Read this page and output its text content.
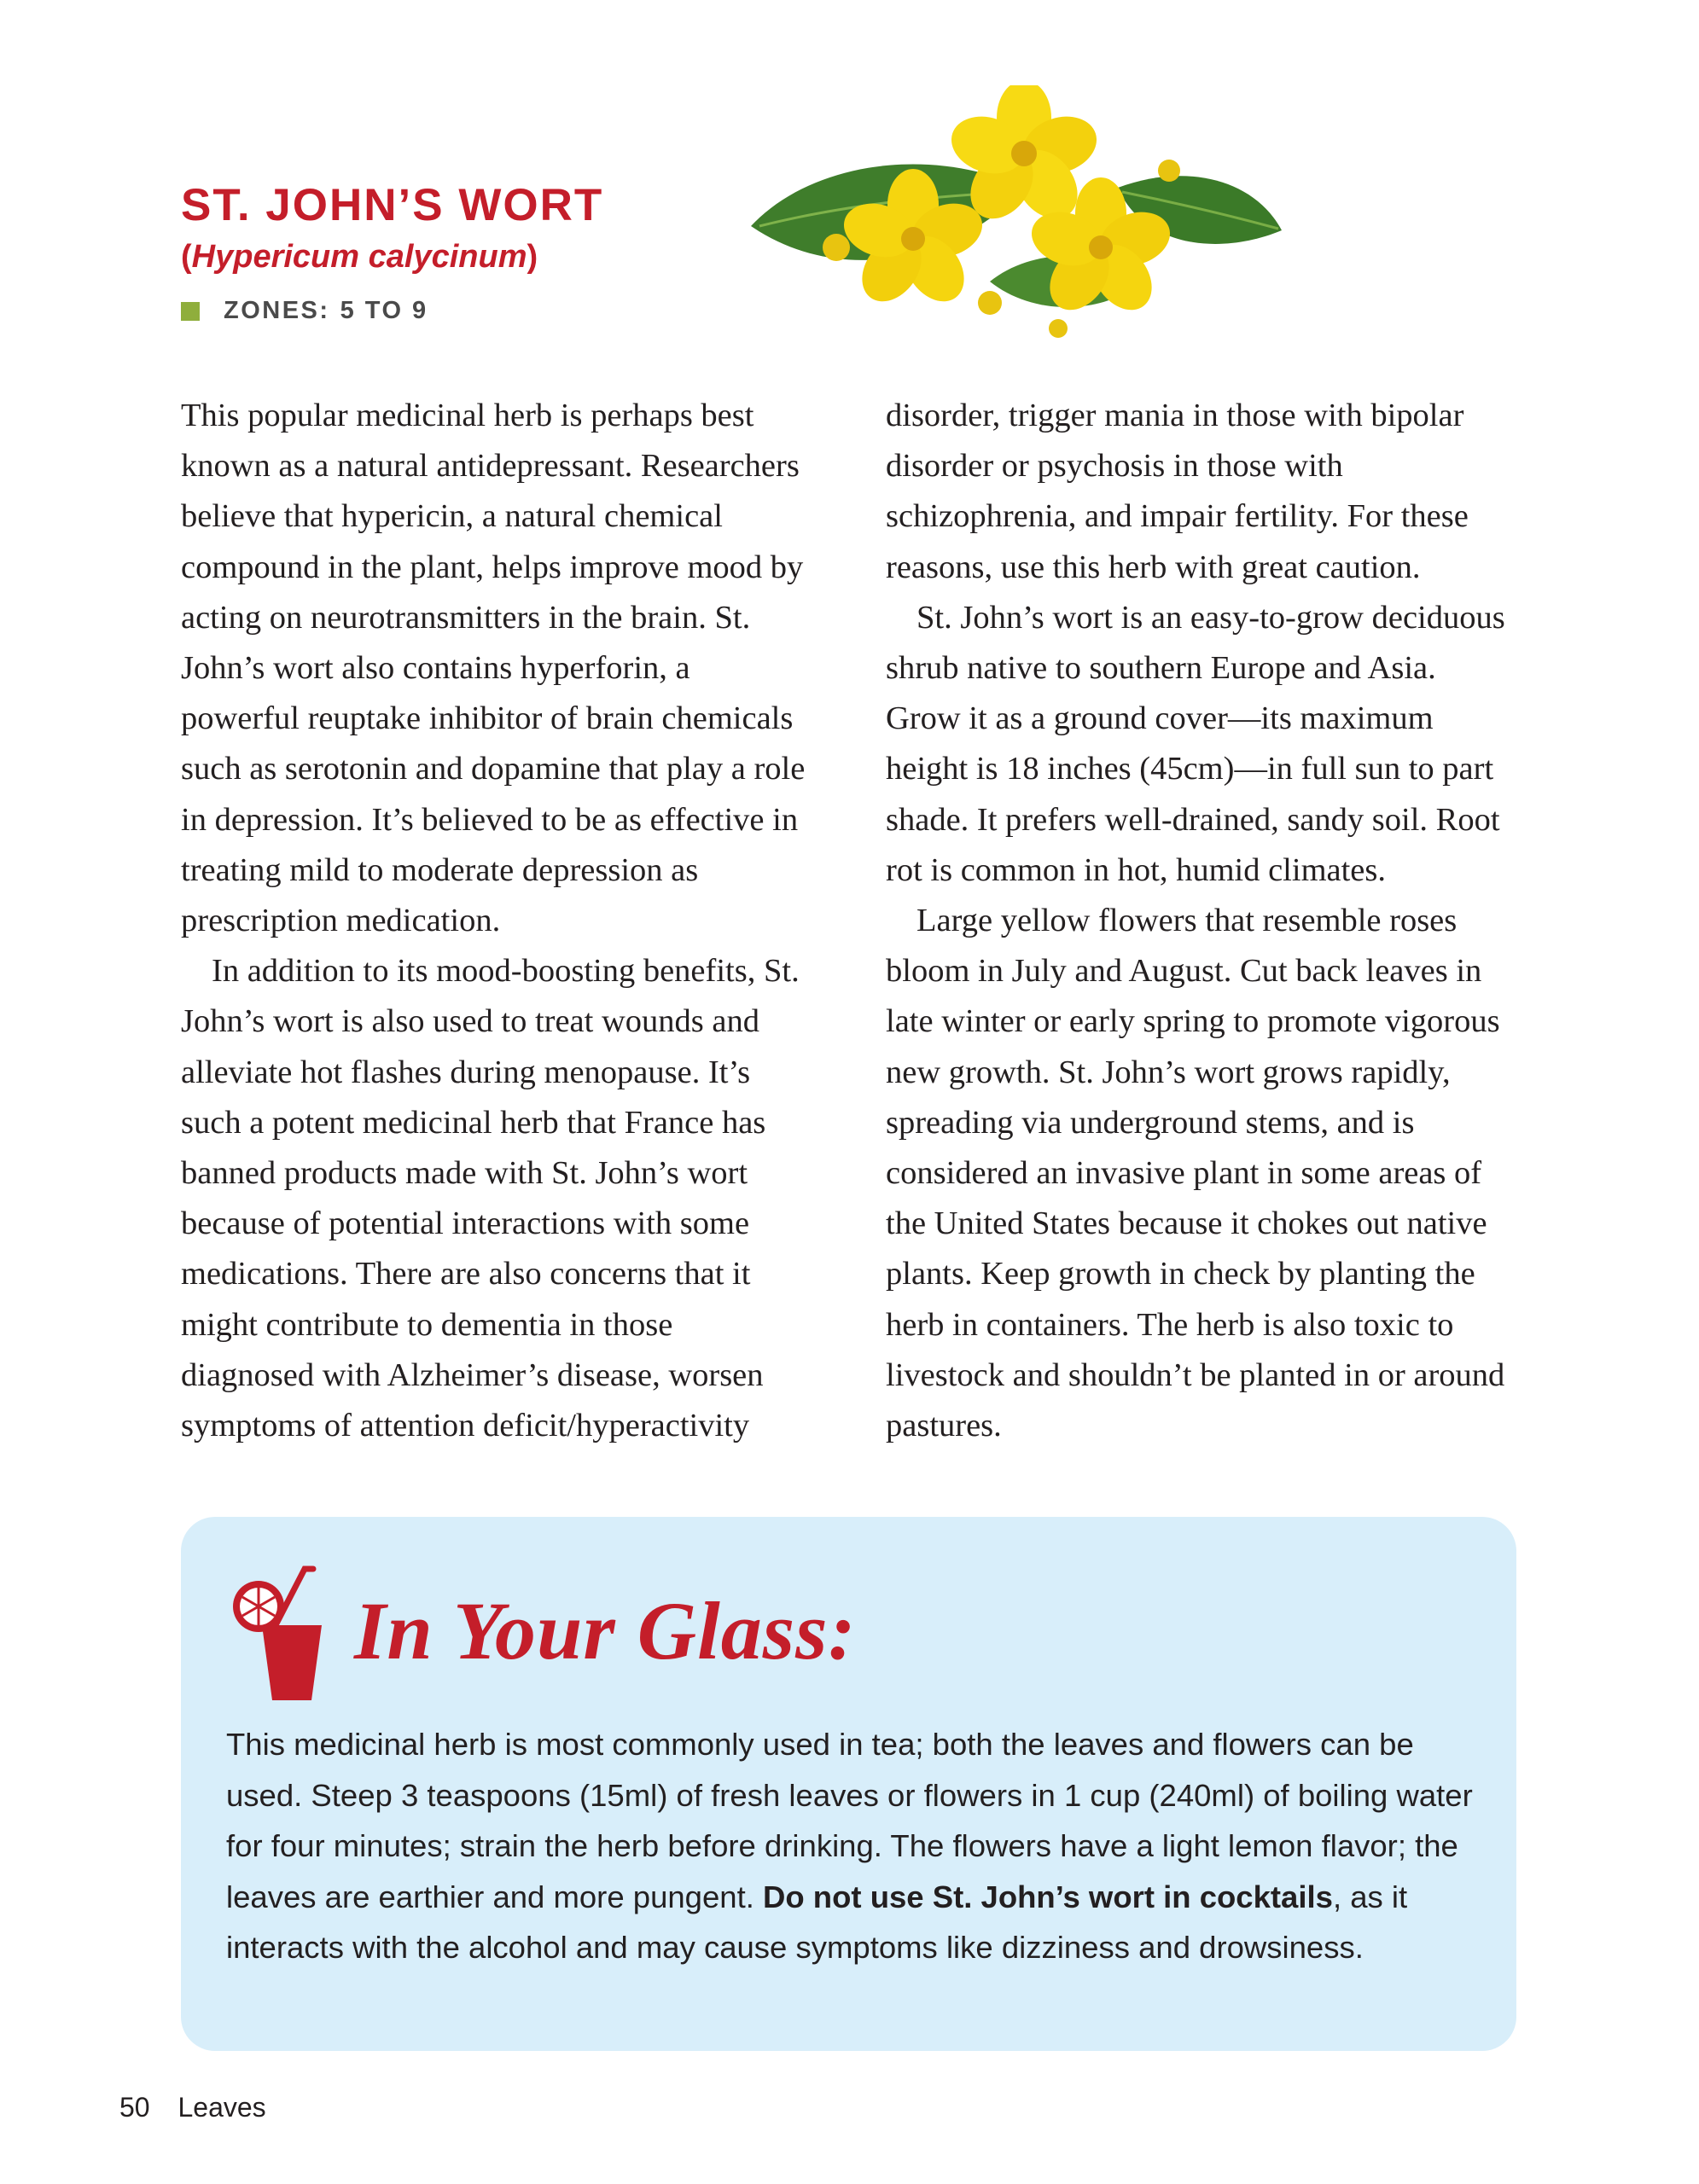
ST. JOHN’S WORT
(Hypericum calycinum)
ZONES: 5 TO 9

This popular medicinal herb is perhaps best known as a natural antidepressant. Researchers believe that hypericin, a natural chemical compound in the plant, helps improve mood by acting on neurotransmitters in the brain. St. John’s wort also contains hyperforin, a powerful reuptake inhibitor of brain chemicals such as serotonin and dopamine that play a role in depression. It’s believed to be as effective in treating mild to moderate depression as prescription medication.

In addition to its mood-boosting benefits, St. John’s wort is also used to treat wounds and alleviate hot flashes during menopause. It’s such a potent medicinal herb that France has banned products made with St. John’s wort because of potential interactions with some medications. There are also concerns that it might contribute to dementia in those diagnosed with Alzheimer’s disease, worsen symptoms of attention deficit/hyperactivity

disorder, trigger mania in those with bipolar disorder or psychosis in those with schizophrenia, and impair fertility. For these reasons, use this herb with great caution.

St. John’s wort is an easy-to-grow deciduous shrub native to southern Europe and Asia. Grow it as a ground cover—its maximum height is 18 inches (45cm)—in full sun to part shade. It prefers well-drained, sandy soil. Root rot is common in hot, humid climates.

Large yellow flowers that resemble roses bloom in July and August. Cut back leaves in late winter or early spring to promote vigorous new growth. St. John’s wort grows rapidly, spreading via underground stems, and is considered an invasive plant in some areas of the United States because it chokes out native plants. Keep growth in check by planting the herb in containers. The herb is also toxic to livestock and shouldn’t be planted in or around pastures.

In Your Glass:

This medicinal herb is most commonly used in tea; both the leaves and flowers can be used. Steep 3 teaspoons (15ml) of fresh leaves or flowers in 1 cup (240ml) of boiling water for four minutes; strain the herb before drinking. The flowers have a light lemon flavor; the leaves are earthier and more pungent. Do not use St. John’s wort in cocktails, as it interacts with the alcohol and may cause symptoms like dizziness and drowsiness.

50 Leaves
